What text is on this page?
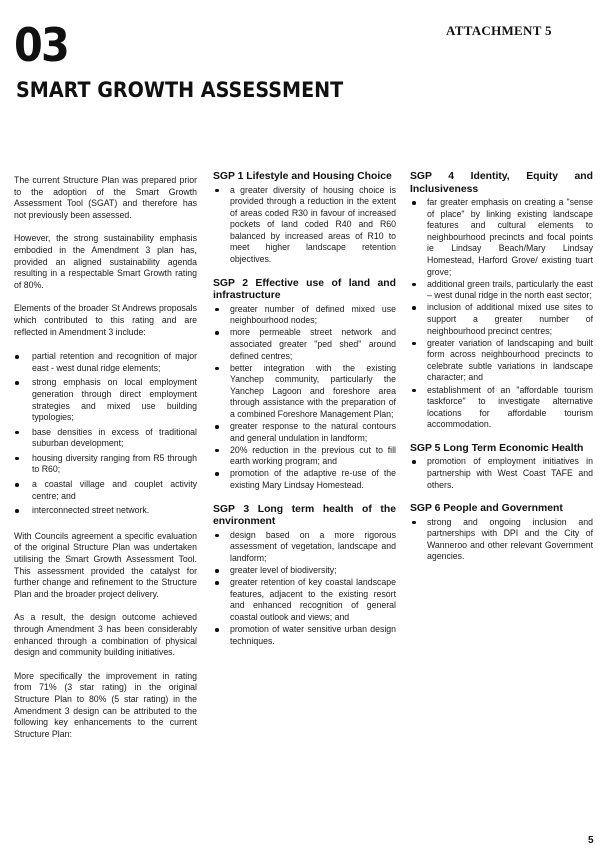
ATTACHMENT 5
03
SMART GROWTH ASSESSMENT

The current Structure Plan was prepared prior to the adoption of the Smart Growth Assessment Tool (SGAT) and therefore has not previously been assessed.

However, the strong sustainability emphasis embodied in the Amendment 3 plan has, provided an aligned sustainability agenda resulting in a respectable Smart Growth rating of 80%.

Elements of the broader St Andrews proposals which contributed to this rating and are reflected in Amendment 3 include:

partial retention and recognition of major east - west dunal ridge elements;
strong emphasis on local employment generation through direct employment strategies and mixed use building typologies;
base densities in excess of traditional suburban development;
housing diversity ranging from R5 through to R60;
a coastal village and couplet activity centre; and
interconnected street network.

With Councils agreement a specific evaluation of the original Structure Plan was undertaken utilising the Smart Growth Assessment Tool. This assessment provided the catalyst for further change and refinement to the Structure Plan and the broader project delivery.

As a result, the design outcome achieved through Amendment 3 has been considerably enhanced through a combination of physical design and community building initiatives.

More specifically the improvement in rating from 71% (3 star rating) in the original Structure Plan to 80% (5 star rating) in the Amendment 3 design can be attributed to the following key enhancements to the current Structure Plan:

SGP 1 Lifestyle and Housing Choice
a greater diversity of housing choice is provided through a reduction in the extent of areas coded R30 in favour of increased pockets of land coded R40 and R60 balanced by increased areas of R10 to meet higher landscape retention objectives.
SGP 2 Effective use of land and infrastructure
greater number of defined mixed use neighbourhood nodes;
more permeable street network and associated greater "ped shed" around defined centres;
better integration with the existing Yanchep community, particularly the Yanchep Lagoon and foreshore area through assistance with the preparation of a combined Foreshore Management Plan;
greater response to the natural contours and general undulation in landform;
20% reduction in the previous cut to fill earth working program; and
promotion of the adaptive re-use of the existing Mary Lindsay Homestead.
SGP 3 Long term health of the environment
design based on a more rigorous assessment of vegetation, landscape and landform;
greater level of biodiversity;
greater retention of key coastal landscape features, adjacent to the existing resort and enhanced recognition of general coastal outlook and views; and
promotion of water sensitive urban design techniques.
SGP 4 Identity, Equity and Inclusiveness
far greater emphasis on creating a "sense of place" by linking existing landscape features and cultural elements to neighbourhood precincts and focal points ie Lindsay Beach/Mary Lindsay Homestead, Harford Grove/ existing tuart grove;
additional green trails, particularly the east – west dunal ridge in the north east sector;
inclusion of additional mixed use sites to support a greater number of neighbourhood precinct centres;
greater variation of landscaping and built form across neighbourhood precincts to celebrate subtle variations in landscape character; and
establishment of an "affordable tourism taskforce" to investigate alternative locations for affordable tourism accommodation.
SGP 5 Long Term Economic Health
promotion of employment initiatives in partnership with West Coast TAFE and others.
SGP 6 People and Government
strong and ongoing inclusion and partnerships with DPI and the City of Wanneroo and other relevant Government agencies.
5
